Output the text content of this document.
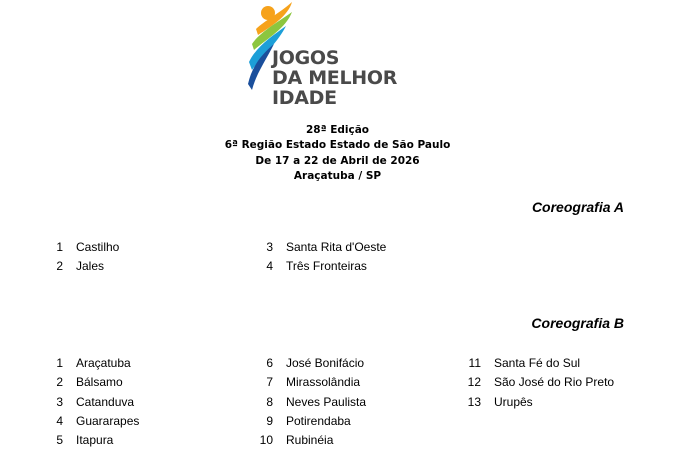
JOGOS
DA MELHOR
IDADE
28ª Edição
6ª Região Estado Estado de São Paulo
De 17 a 22 de Abril de 2026
Araçatuba / SP
Coreografia A
Coreografia B
1 Castilho
2 Jales
3 Santa Rita d'Oeste
4 Três Fronteiras
1 Araçatuba
2 Bálsamo
3 Catanduva
4 Guararapes
5 Itapura
6 José Bonifácio
7 Mirassolândia
8 Neves Paulista
9 Potirendaba
10 Rubinéia
11 Santa Fé do Sul
12 São José do Rio Preto
13 Urupês
